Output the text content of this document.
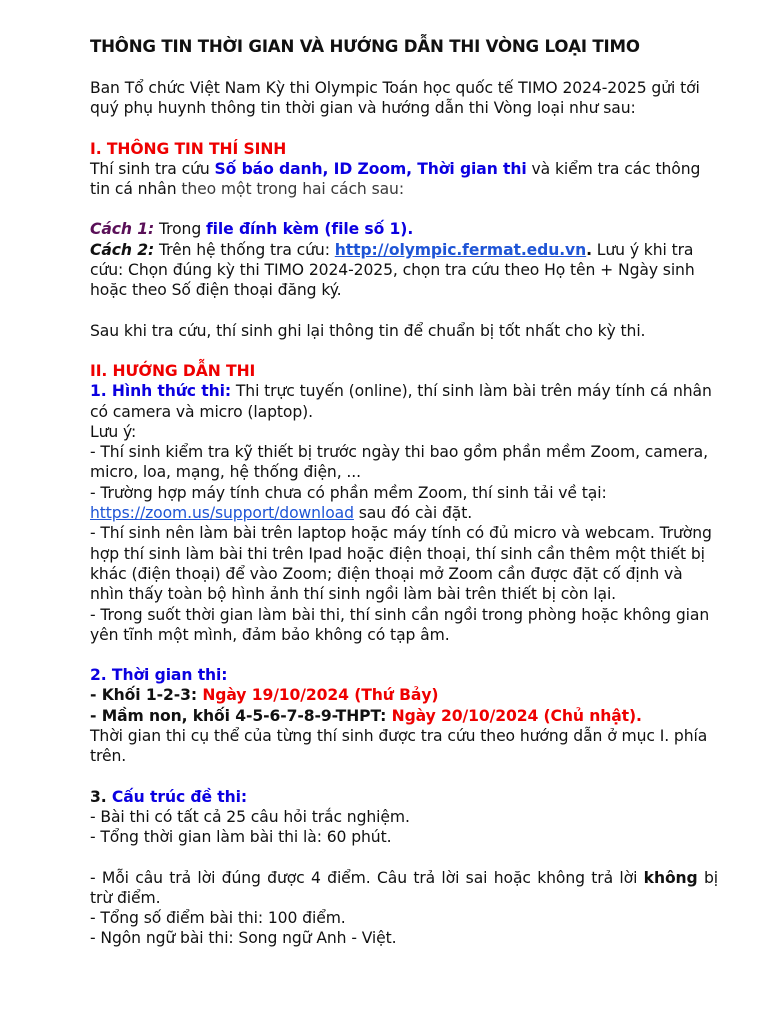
THÔNG TIN THỜI GIAN VÀ HƯỚNG DẪN THI VÒNG LOẠI TIMO

Ban Tổ chức Việt Nam Kỳ thi Olympic Toán học quốc tế TIMO 2024-2025 gửi tới quý phụ huynh thông tin thời gian và hướng dẫn thi Vòng loại như sau:

I. THÔNG TIN THÍ SINH

Thí sinh tra cứu Số báo danh, ID Zoom, Thời gian thi và kiểm tra các thông tin cá nhân theo một trong hai cách sau:

Cách 1: Trong file đính kèm (file số 1).

Cách 2: Trên hệ thống tra cứu: http://olympic.fermat.edu.vn. Lưu ý khi tra cứu: Chọn đúng kỳ thi TIMO 2024-2025, chọn tra cứu theo Họ tên + Ngày sinh hoặc theo Số điện thoại đăng ký.

Sau khi tra cứu, thí sinh ghi lại thông tin để chuẩn bị tốt nhất cho kỳ thi.

II. HƯỚNG DẪN THI

1. Hình thức thi: Thi trực tuyến (online), thí sinh làm bài trên máy tính cá nhân có camera và micro (laptop).

Lưu ý:

- Thí sinh kiểm tra kỹ thiết bị trước ngày thi bao gồm phần mềm Zoom, camera, micro, loa, mạng, hệ thống điện, ...

- Trường hợp máy tính chưa có phần mềm Zoom, thí sinh tải về tại: https://zoom.us/support/download sau đó cài đặt.

- Thí sinh nên làm bài trên laptop hoặc máy tính có đủ micro và webcam. Trường hợp thí sinh làm bài thi trên Ipad hoặc điện thoại, thí sinh cần thêm một thiết bị khác (điện thoại) để vào Zoom; điện thoại mở Zoom cần được đặt cố định và nhìn thấy toàn bộ hình ảnh thí sinh ngồi làm bài trên thiết bị còn lại.

- Trong suốt thời gian làm bài thi, thí sinh cần ngồi trong phòng hoặc không gian yên tĩnh một mình, đảm bảo không có tạp âm.

2. Thời gian thi:

- Khối 1-2-3: Ngày 19/10/2024 (Thứ Bảy)

- Mầm non, khối 4-5-6-7-8-9-THPT: Ngày 20/10/2024 (Chủ nhật).

Thời gian thi cụ thể của từng thí sinh được tra cứu theo hướng dẫn ở mục I. phía trên.

3. Cấu trúc đề thi:

- Bài thi có tất cả 25 câu hỏi trắc nghiệm.

- Tổng thời gian làm bài thi là: 60 phút.

- Mỗi câu trả lời đúng được 4 điểm. Câu trả lời sai hoặc không trả lời không bị trừ điểm.

- Tổng số điểm bài thi: 100 điểm.

- Ngôn ngữ bài thi: Song ngữ Anh - Việt.
